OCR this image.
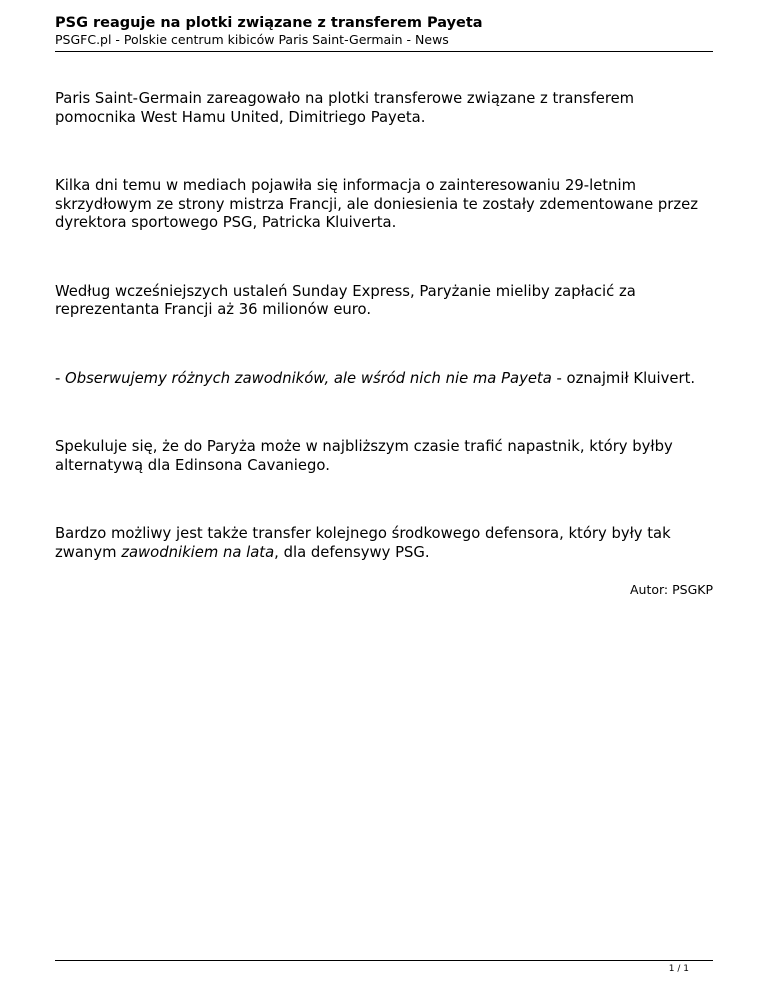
PSG reaguje na plotki związane z transferem Payeta
PSGFC.pl - Polskie centrum kibiców Paris Saint-Germain - News

Paris Saint-Germain zareagowało na plotki transferowe związane z transferem pomocnika West Hamu United, Dimitriego Payeta.

Kilka dni temu w mediach pojawiła się informacja o zainteresowaniu 29-letnim skrzydłowym ze strony mistrza Francji, ale doniesienia te zostały zdementowane przez dyrektora sportowego PSG, Patricka Kluiverta.

Według wcześniejszych ustaleń Sunday Express, Paryżanie mieliby zapłacić za reprezentanta Francji aż 36 milionów euro.

- Obserwujemy różnych zawodników, ale wśród nich nie ma Payeta - oznajmił Kluivert.

Spekuluje się, że do Paryża może w najbliższym czasie trafić napastnik, który byłby alternatywą dla Edinsona Cavaniego.

Bardzo możliwy jest także transfer kolejnego środkowego defensora, który były tak zwanym zawodnikiem na lata, dla defensywy PSG.

Autor: PSGKP
1 / 1
